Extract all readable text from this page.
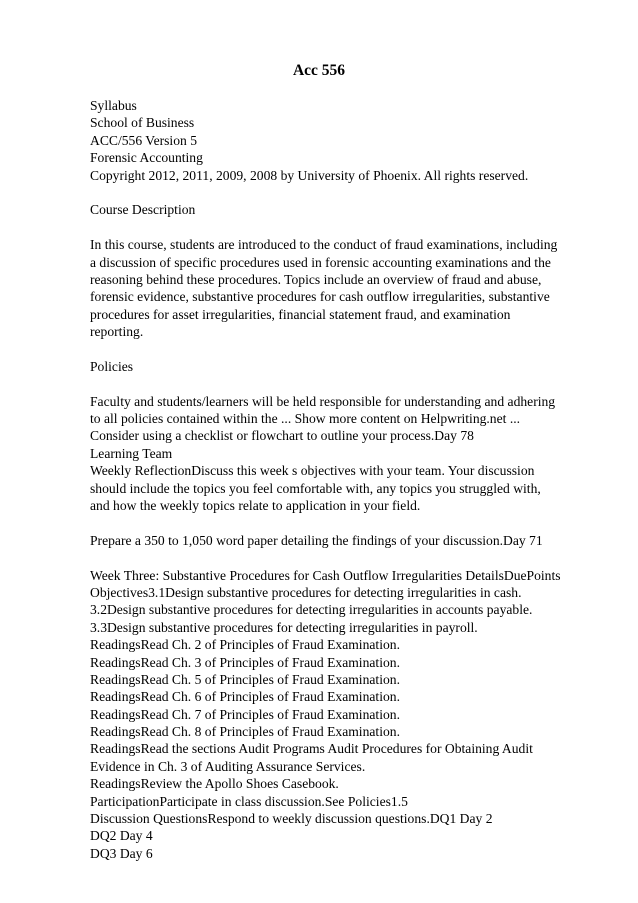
Acc 556
Syllabus
School of Business
ACC/556 Version 5
Forensic Accounting
Copyright 2012, 2011, 2009, 2008 by University of Phoenix. All rights reserved.
Course Description
In this course, students are introduced to the conduct of fraud examinations, including
a discussion of specific procedures used in forensic accounting examinations and the
reasoning behind these procedures. Topics include an overview of fraud and abuse,
forensic evidence, substantive procedures for cash outflow irregularities, substantive
procedures for asset irregularities, financial statement fraud, and examination
reporting.
Policies
Faculty and students/learners will be held responsible for understanding and adhering
to all policies contained within the ... Show more content on Helpwriting.net ...
Consider using a checklist or flowchart to outline your process.Day 78
Learning Team
Weekly ReflectionDiscuss this week s objectives with your team. Your discussion
should include the topics you feel comfortable with, any topics you struggled with,
and how the weekly topics relate to application in your field.
Prepare a 350 to 1,050 word paper detailing the findings of your discussion.Day 71
Week Three: Substantive Procedures for Cash Outflow Irregularities DetailsDuePoints
Objectives3.1Design substantive procedures for detecting irregularities in cash.
3.2Design substantive procedures for detecting irregularities in accounts payable.
3.3Design substantive procedures for detecting irregularities in payroll.
ReadingsRead Ch. 2 of Principles of Fraud Examination.
ReadingsRead Ch. 3 of Principles of Fraud Examination.
ReadingsRead Ch. 5 of Principles of Fraud Examination.
ReadingsRead Ch. 6 of Principles of Fraud Examination.
ReadingsRead Ch. 7 of Principles of Fraud Examination.
ReadingsRead Ch. 8 of Principles of Fraud Examination.
ReadingsRead the sections Audit Programs Audit Procedures for Obtaining Audit
Evidence in Ch. 3 of Auditing Assurance Services.
ReadingsReview the Apollo Shoes Casebook.
ParticipationParticipate in class discussion.See Policies1.5
Discussion QuestionsRespond to weekly discussion questions.DQ1 Day 2
DQ2 Day 4
DQ3 Day 6
